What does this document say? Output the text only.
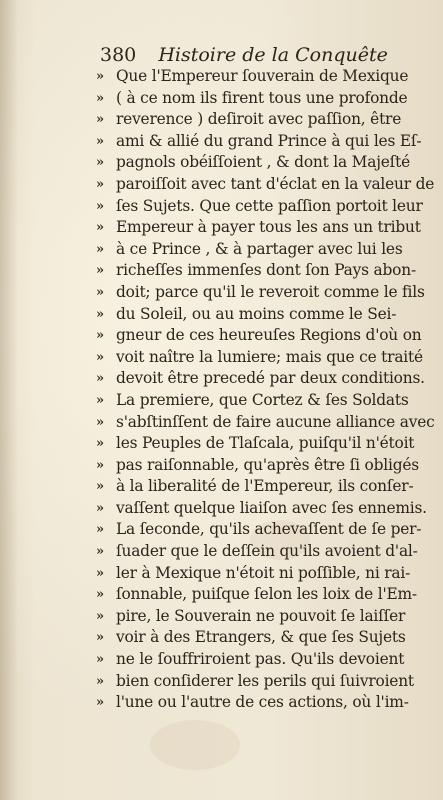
380 Histoire de la Conquête
» Que l'Empereur ſouverain de Mexique
» ( à ce nom ils firent tous une profonde
» reverence ) deſiroit avec paſſion, être
» ami & allié du grand Prince à qui les Eſ-
» pagnols obéiſſoient , & dont la Majeſté
» paroiſſoit avec tant d'éclat en la valeur de
» ſes Sujets. Que cette paſſion portoit leur
» Empereur à payer tous les ans un tribut
» à ce Prince , & à partager avec lui les
» richeſſes immenſes dont ſon Pays abon-
» doit; parce qu'il le reveroit comme le fils
» du Soleil, ou au moins comme le Sei-
» gneur de ces heureuſes Regions d'où on
» voit naître la lumiere; mais que ce traité
» devoit être precedé par deux conditions.
» La premiere, que Cortez & ſes Soldats
» s'abſtinſſent de faire aucune alliance avec
» les Peuples de Tlaſcala, puiſqu'il n'étoit
» pas raiſonnable, qu'après être ſi obligés
» à la liberalité de l'Empereur, ils conſer-
» vaſſent quelque liaiſon avec ſes ennemis.
» La ſeconde, qu'ils achevaſſent de ſe per-
» ſuader que le deſſein qu'ils avoient d'al-
» ler à Mexique n'étoit ni poſſible, ni rai-
» ſonnable, puiſque ſelon les loix de l'Em-
» pire, le Souverain ne pouvoit ſe laiſſer
» voir à des Etrangers, & que ſes Sujets
» ne le ſouffriroient pas. Qu'ils devoient
» bien conſiderer les perils qui ſuivroient
» l'une ou l'autre de ces actions, où l'im-
